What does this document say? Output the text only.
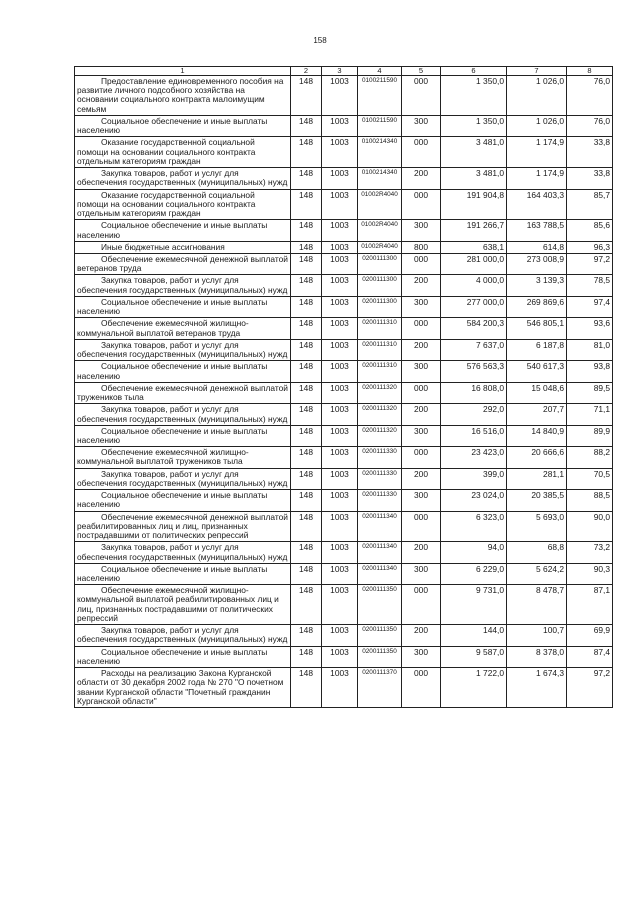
158
1	2	3	4	5	6	7	8
Предоставление единовременного пособия на развитие личного подсобного хозяйства на основании социального контракта малоимущим семьям	148	1003	0100211590	000	1 350,0	1 026,0	76,0
Социальное обеспечение и иные выплаты населению	148	1003	0100211590	300	1 350,0	1 026,0	76,0
Оказание государственной социальной помощи на основании социального контракта отдельным категориям граждан	148	1003	0100214340	000	3 481,0	1 174,9	33,8
Закупка товаров, работ и услуг для обеспечения государственных (муниципальных) нужд	148	1003	0100214340	200	3 481,0	1 174,9	33,8
Оказание государственной социальной помощи на основании социального контракта отдельным категориям граждан	148	1003	01002R4040	000	191 904,8	164 403,3	85,7
Социальное обеспечение и иные выплаты населению	148	1003	01002R4040	300	191 266,7	163 788,5	85,6
Иные бюджетные ассигнования	148	1003	01002R4040	800	638,1	614,8	96,3
Обеспечение ежемесячной денежной выплатой ветеранов труда	148	1003	0200111300	000	281 000,0	273 008,9	97,2
Закупка товаров, работ и услуг для обеспечения государственных (муниципальных) нужд	148	1003	0200111300	200	4 000,0	3 139,3	78,5
Социальное обеспечение и иные выплаты населению	148	1003	0200111300	300	277 000,0	269 869,6	97,4
Обеспечение ежемесячной жилищно-коммунальной выплатой ветеранов труда	148	1003	0200111310	000	584 200,3	546 805,1	93,6
Закупка товаров, работ и услуг для обеспечения государственных (муниципальных) нужд	148	1003	0200111310	200	7 637,0	6 187,8	81,0
Социальное обеспечение и иные выплаты населению	148	1003	0200111310	300	576 563,3	540 617,3	93,8
Обеспечение ежемесячной денежной выплатой тружеников тыла	148	1003	0200111320	000	16 808,0	15 048,6	89,5
Закупка товаров, работ и услуг для обеспечения государственных (муниципальных) нужд	148	1003	0200111320	200	292,0	207,7	71,1
Социальное обеспечение и иные выплаты населению	148	1003	0200111320	300	16 516,0	14 840,9	89,9
Обеспечение ежемесячной жилищно-коммунальной выплатой тружеников тыла	148	1003	0200111330	000	23 423,0	20 666,6	88,2
Закупка товаров, работ и услуг для обеспечения государственных (муниципальных) нужд	148	1003	0200111330	200	399,0	281,1	70,5
Социальное обеспечение и иные выплаты населению	148	1003	0200111330	300	23 024,0	20 385,5	88,5
Обеспечение ежемесячной денежной выплатой реабилитированных лиц и лиц, признанных пострадавшими от политических репрессий	148	1003	0200111340	000	6 323,0	5 693,0	90,0
Закупка товаров, работ и услуг для обеспечения государственных (муниципальных) нужд	148	1003	0200111340	200	94,0	68,8	73,2
Социальное обеспечение и иные выплаты населению	148	1003	0200111340	300	6 229,0	5 624,2	90,3
Обеспечение ежемесячной жилищно-коммунальной выплатой реабилитированных лиц и лиц, признанных пострадавшими от политических репрессий	148	1003	0200111350	000	9 731,0	8 478,7	87,1
Закупка товаров, работ и услуг для обеспечения государственных (муниципальных) нужд	148	1003	0200111350	200	144,0	100,7	69,9
Социальное обеспечение и иные выплаты населению	148	1003	0200111350	300	9 587,0	8 378,0	87,4
Расходы на реализацию Закона Курганской области от 30 декабря 2002 года № 270 "О почетном звании Курганской области "Почетный гражданин Курганской области"	148	1003	0200111370	000	1 722,0	1 674,3	97,2
